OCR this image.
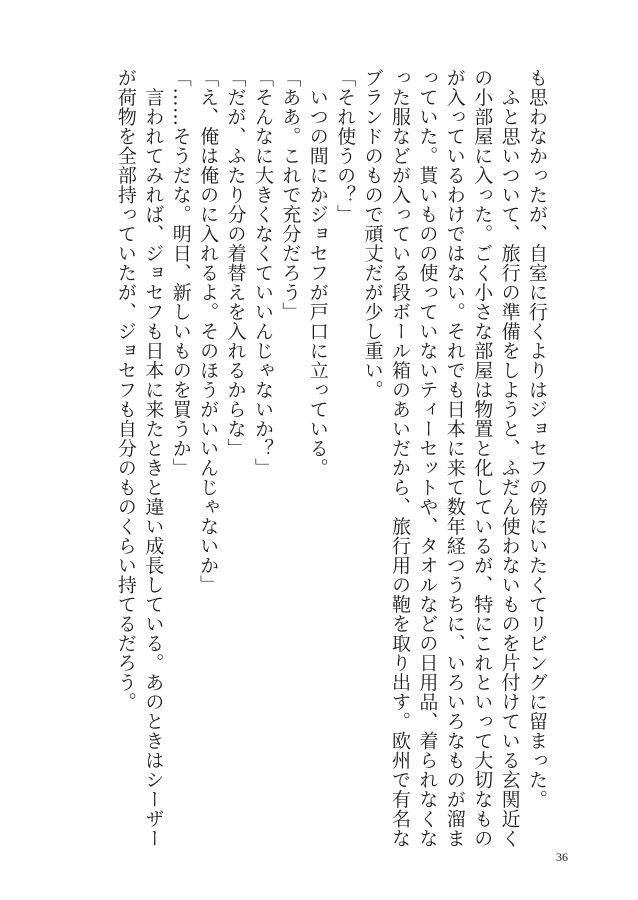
も思わなかったが、自室に行くよりはジョセフの傍にいたくてリビングに留まった。
　ふと思いついて、旅行の準備をしようと、ふだん使わないものを片付けている玄関近く
の小部屋に入った。ごく小さな部屋は物置と化しているが、特にこれといって大切なもの
が入っているわけではない。それでも日本に来て数年経つうちに、いろいろなものが溜ま
っていた。貰いものの使っていないティーセットや、タオルなどの日用品、着られなくな
った服などが入っている段ボール箱のあいだから、旅行用の鞄を取り出す。欧州で有名な
ブランドのもので頑丈だが少し重い。
「それ使うの？」
　いつの間にかジョセフが戸口に立っている。
「ああ。これで充分だろう」
「そんなに大きくなくていいんじゃないか？」
「だが、ふたり分の着替えを入れるからな」
「え、俺は俺のに入れるよ。そのほうがいいんじゃないか」
「……そうだな。明日、新しいものを買うか」
　言われてみれば、ジョセフも日本に来たときと違い成長している。あのときはシーザー
が荷物を全部持っていたが、ジョセフも自分のものくらい持てるだろう。
36
